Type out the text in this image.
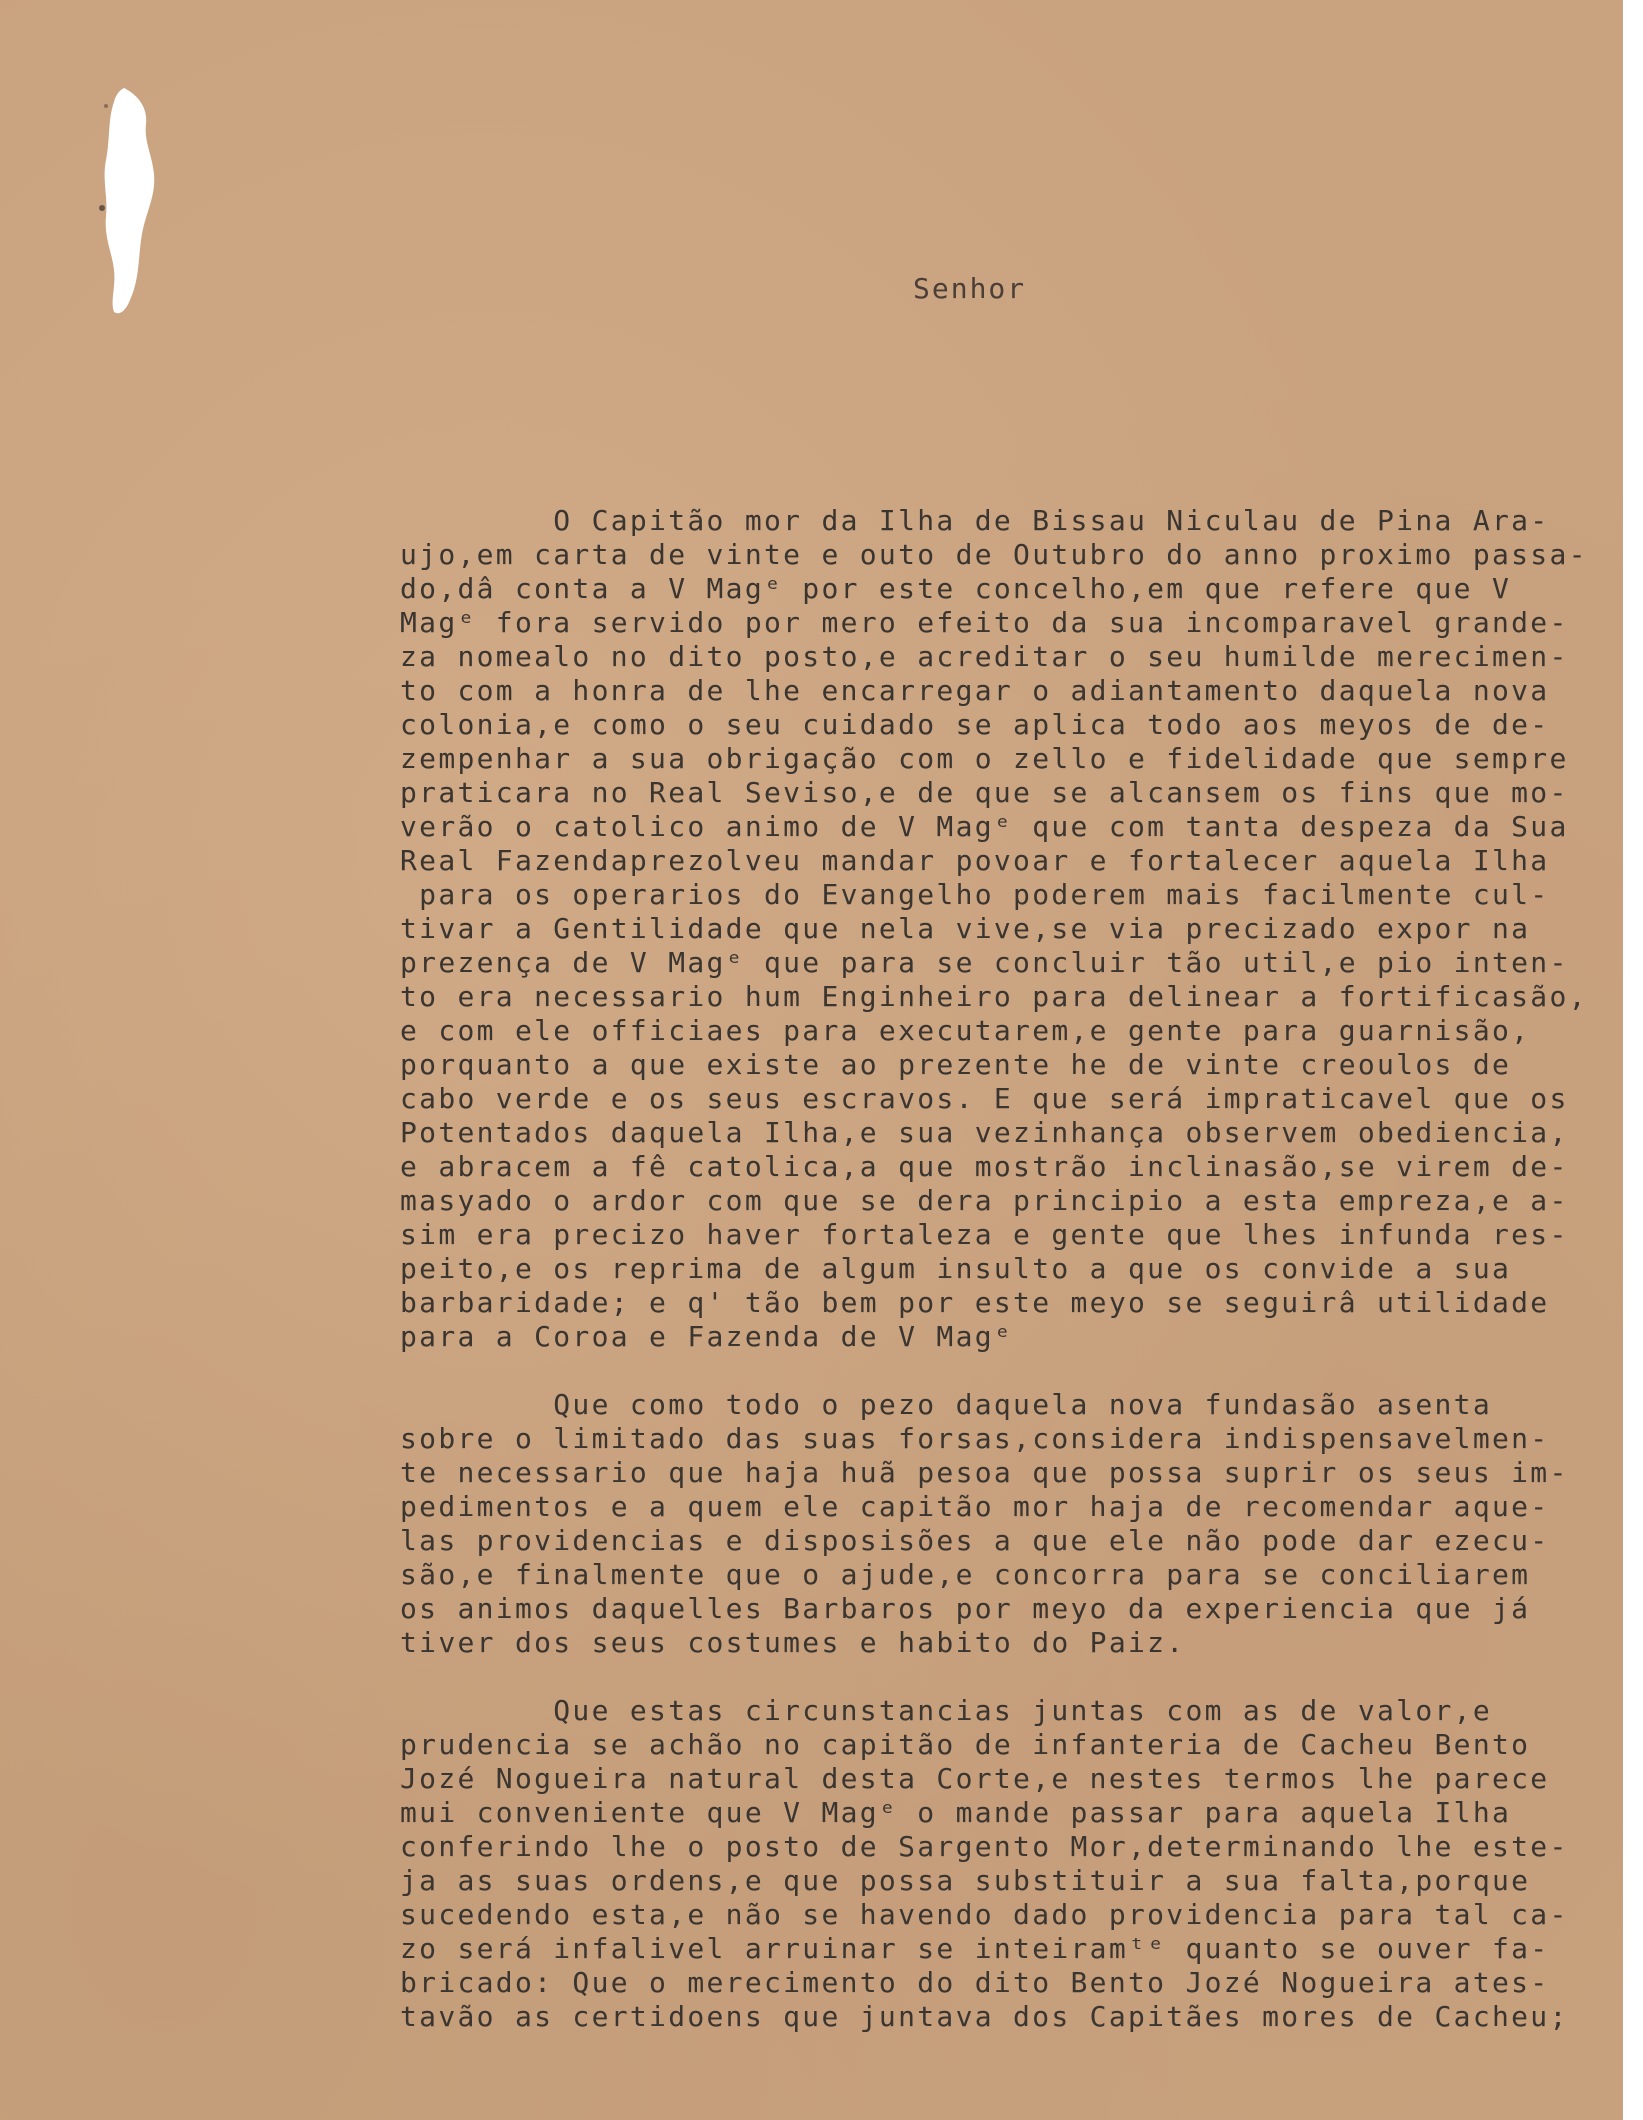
Senhor
O Capitão mor da Ilha de Bissau Niculau de Pina Ara-
ujo,em carta de vinte e outo de Outubro do anno proximo passa-
do,dâ conta a V Magᵉ por este concelho,em que refere que V
Magᵉ fora servido por mero efeito da sua incomparavel grande-
za nomealo no dito posto,e acreditar o seu humilde merecimen-
to com a honra de lhe encarregar o adiantamento daquela nova
colonia,e como o seu cuidado se aplica todo aos meyos de de-
zempenhar a sua obrigação com o zello e fidelidade que sempre
praticara no Real Seviso,e de que se alcansem os fins que mo-
verão o catolico animo de V Magᵉ que com tanta despeza da Sua
Real Fazendaprezolveu mandar povoar e fortalecer aquela Ilha
para os operarios do Evangelho poderem mais facilmente cul-
tivar a Gentilidade que nela vive,se via precizado expor na
prezença de V Magᵉ que para se concluir tão util,e pio inten-
to era necessario hum Enginheiro para delinear a fortificasão,
e com ele officiaes para executarem,e gente para guarnisão,
porquanto a que existe ao prezente he de vinte creoulos de
cabo verde e os seus escravos. E que será impraticavel que os
Potentados daquela Ilha,e sua vezinhança observem obediencia,
e abracem a fê catolica,a que mostrão inclinasão,se virem de-
masyado o ardor com que se dera principio a esta empreza,e a-
sim era precizo haver fortaleza e gente que lhes infunda res-
peito,e os reprima de algum insulto a que os convide a sua
barbaridade; e q' tão bem por este meyo se seguirâ utilidade
para a Coroa e Fazenda de V Magᵉ
Que como todo o pezo daquela nova fundasão asenta
sobre o limitado das suas forsas,considera indispensavelmen-
te necessario que haja huã pesoa que possa suprir os seus im-
pedimentos e a quem ele capitão mor haja de recomendar aque-
las providencias e disposisões a que ele não pode dar ezecu-
são,e finalmente que o ajude,e concorra para se conciliarem
os animos daquelles Barbaros por meyo da experiencia que já
tiver dos seus costumes e habito do Paiz.
Que estas circunstancias juntas com as de valor,e
prudencia se achão no capitão de infanteria de Cacheu Bento
Jozé Nogueira natural desta Corte,e nestes termos lhe parece
mui conveniente que V Magᵉ o mande passar para aquela Ilha
conferindo lhe o posto de Sargento Mor,determinando lhe este-
ja as suas ordens,e que possa substituir a sua falta,porque
sucedendo esta,e não se havendo dado providencia para tal ca-
zo será infalivel arruinar se inteiramᵗᵉ quanto se ouver fa-
bricado: Que o merecimento do dito Bento Jozé Nogueira ates-
tavão as certidoens que juntava dos Capitães mores de Cacheu;
